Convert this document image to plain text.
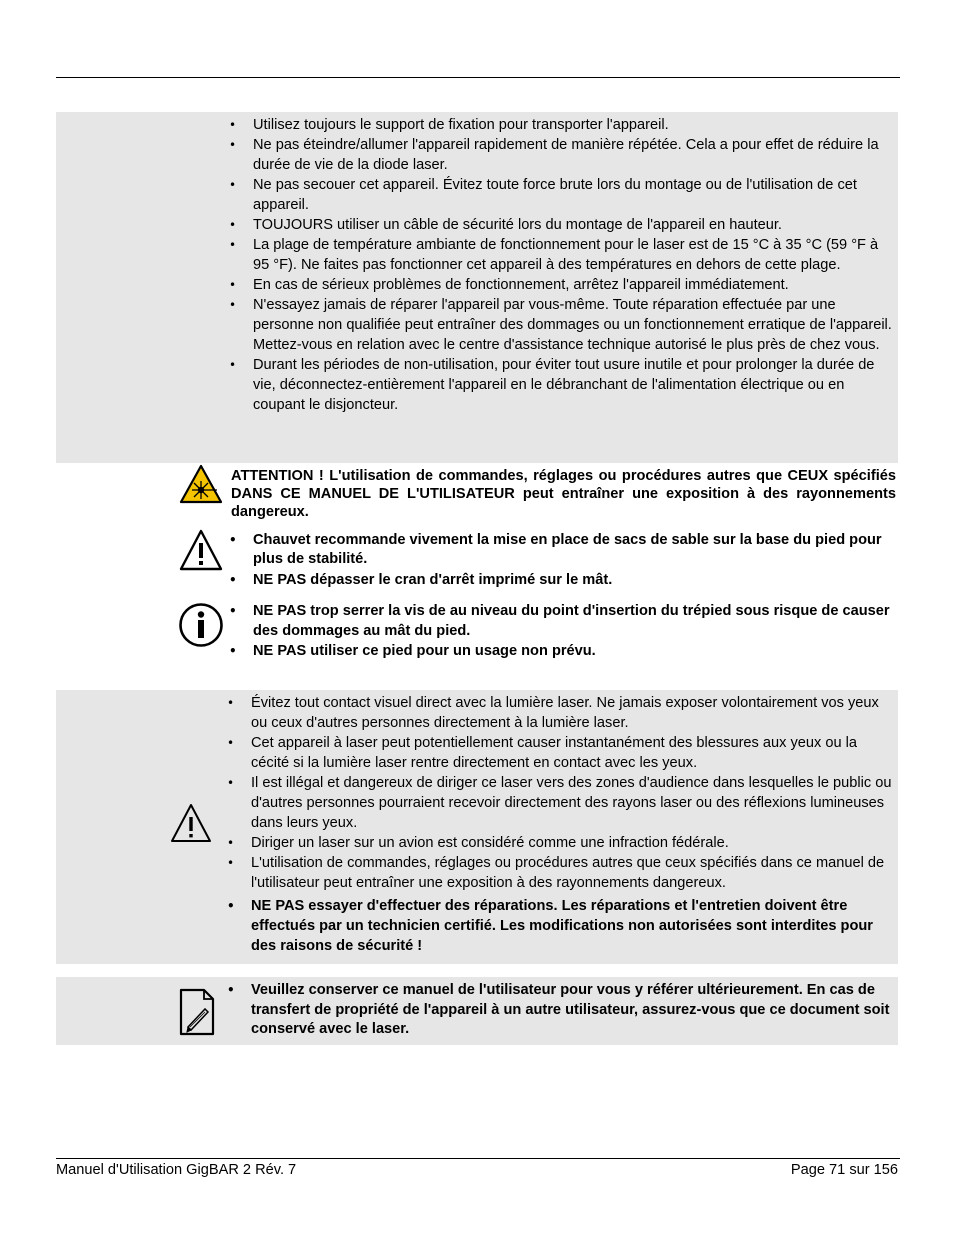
• Utilisez toujours le support de fixation pour transporter l'appareil.
• Ne pas éteindre/allumer l'appareil rapidement de manière répétée. Cela a pour effet de réduire la durée de vie de la diode laser.
• Ne pas secouer cet appareil. Évitez toute force brute lors du montage ou de l'utilisation de cet appareil.
• TOUJOURS utiliser un câble de sécurité lors du montage de l'appareil en hauteur.
• La plage de température ambiante de fonctionnement pour le laser est de 15 °C à 35 °C (59 °F à 95 °F). Ne faites pas fonctionner cet appareil à des températures en dehors de cette plage.
• En cas de sérieux problèmes de fonctionnement, arrêtez l'appareil immédiatement.
• N'essayez jamais de réparer l'appareil par vous-même. Toute réparation effectuée par une personne non qualifiée peut entraîner des dommages ou un fonctionnement erratique de l'appareil. Mettez-vous en relation avec le centre d'assistance technique autorisé le plus près de chez vous.
• Durant les périodes de non-utilisation, pour éviter tout usure inutile et pour prolonger la durée de vie, déconnectez-entièrement l'appareil en le débranchant de l'alimentation électrique ou en coupant le disjoncteur.
ATTENTION ! L'utilisation de commandes, réglages ou procédures autres que CEUX spécifiés DANS CE MANUEL DE L'UTILISATEUR peut entraîner une exposition à des rayonnements dangereux.
• Chauvet recommande vivement la mise en place de sacs de sable sur la base du pied pour plus de stabilité.
• NE PAS dépasser le cran d'arrêt imprimé sur le mât.
• NE PAS trop serrer la vis de au niveau du point d'insertion du trépied sous risque de causer des dommages au mât du pied.
• NE PAS utiliser ce pied pour un usage non prévu.
• Évitez tout contact visuel direct avec la lumière laser. Ne jamais exposer volontairement vos yeux ou ceux d'autres personnes directement à la lumière laser.
• Cet appareil à laser peut potentiellement causer instantanément des blessures aux yeux ou la cécité si la lumière laser rentre directement en contact avec les yeux.
• Il est illégal et dangereux de diriger ce laser vers des zones d'audience dans lesquelles le public ou d'autres personnes pourraient recevoir directement des rayons laser ou des réflexions lumineuses dans leurs yeux.
• Diriger un laser sur un avion est considéré comme une infraction fédérale.
• L'utilisation de commandes, réglages ou procédures autres que ceux spécifiés dans ce manuel de l'utilisateur peut entraîner une exposition à des rayonnements dangereux.
• NE PAS essayer d'effectuer des réparations. Les réparations et l'entretien doivent être effectués par un technicien certifié. Les modifications non autorisées sont interdites pour des raisons de sécurité !
• Veuillez conserver ce manuel de l'utilisateur pour vous y référer ultérieurement. En cas de transfert de propriété de l'appareil à un autre utilisateur, assurez-vous que ce document soit conservé avec le laser.
Manuel d'Utilisation GigBAR 2 Rév. 7	Page 71 sur 156
